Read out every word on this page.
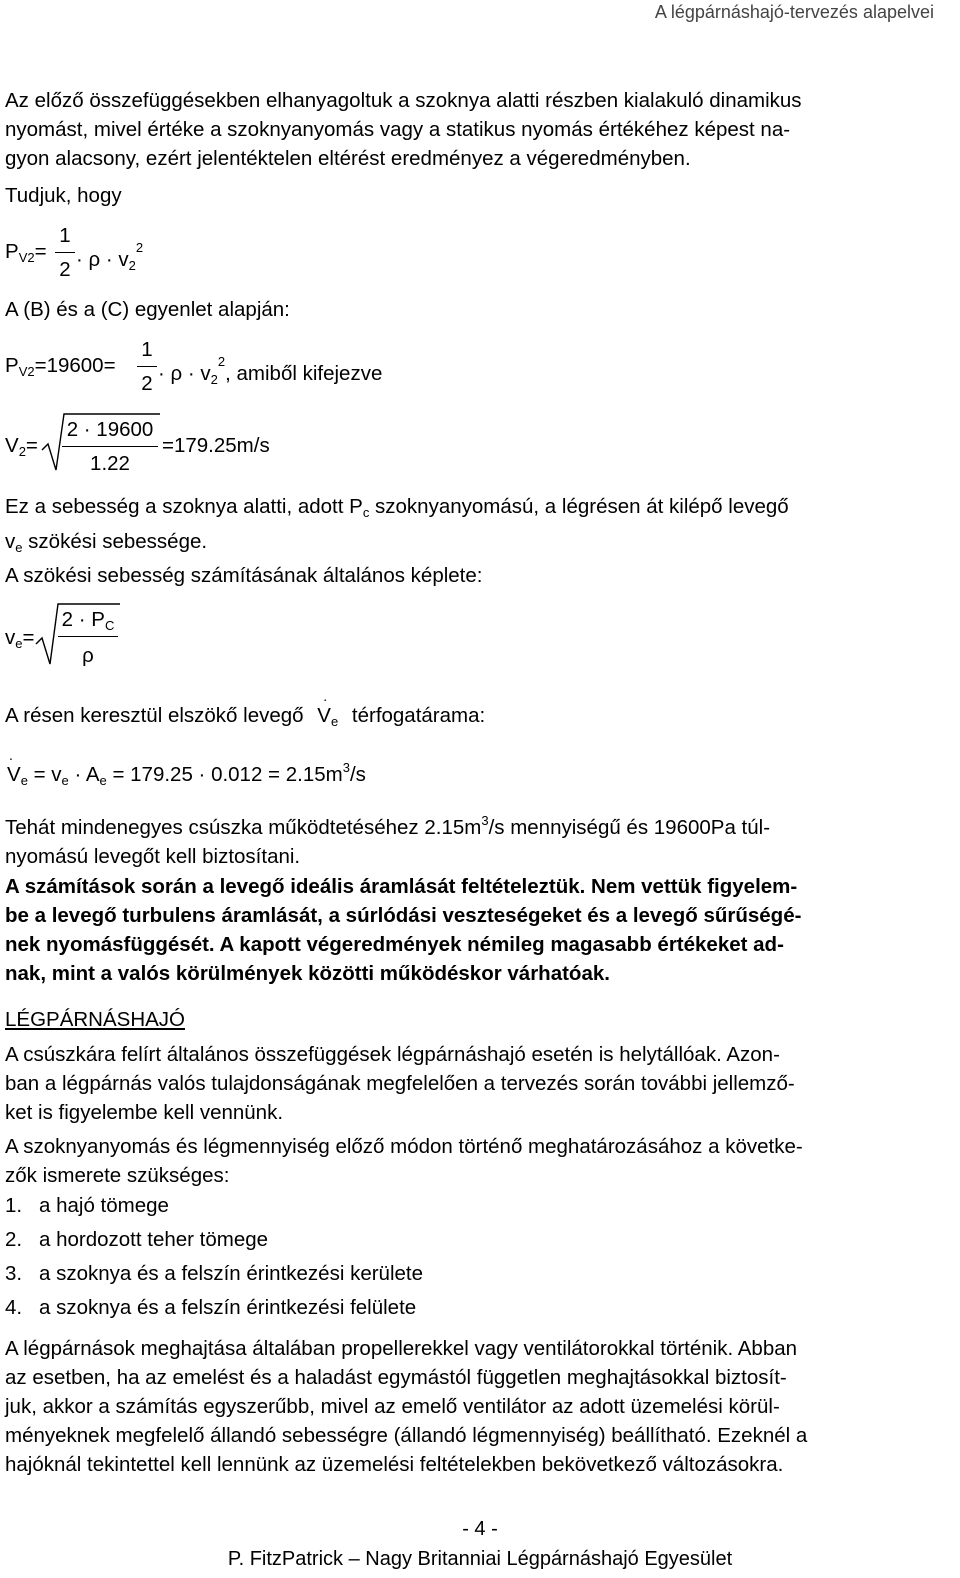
A légpárnáshajó-tervezés alapelvei
Az előző összefüggésekben elhanyagoltuk a szoknya alatti részben kialakuló dinamikus
nyomást, mivel értéke a szoknyanyomás vagy a statikus nyomás értékéhez képest na-
gyon alacsony, ezért jelentéktelen eltérést eredményez a végeredményben.
Tudjuk, hogy
$P_{V2}=$
1
$2 \cdot \rho \cdot v_2^2$
A (B) és a (C) egyenlet alapján:
$P_{V2}=19600=$
1
$2 \cdot \rho \cdot v_2^2$, amiből kifejezve
$V_2=$
2 · 19600
1.22
=179.25m/s
Ez a sebesség a szoknya alatti, adott $P_c$ szoknyanyomású, a légrésen át kilépő levegő
$v_e$ szökési sebessége.
A szökési sebesség számításának általános képlete:
$v_e=$
$2 \cdot P_C$
ρ
A résen keresztül elszökő levegő
.
$V_e$ térfogatárama:
.
$V_e = v_e \cdot A_e = 179.25 \cdot 0.012 = 2.15m^3/s$
Tehát mindenegyes csúszka működtetéséhez $2.15m^3/s$ mennyiségű és 19600Pa túl-
nyomású levegőt kell biztosítani.
A számítások során a levegő ideális áramlását feltételeztük. Nem vettük figyelem-
be a levegő turbulens áramlását, a súrlódási veszteségeket és a levegő sűrűségé-
nek nyomásfüggését. A kapott végeredmények némileg magasabb értékeket ad-
nak, mint a valós körülmények közötti működéskor várhatóak.
LÉGPÁRNÁSHAJÓ
A csúszkára felírt általános összefüggések légpárnáshajó esetén is helytállóak. Azon-
ban a légpárnás valós tulajdonságának megfelelően a tervezés során további jellemző-
ket is figyelembe kell vennünk.
A szoknyanyomás és légmennyiség előző módon történő meghatározásához a követke-
zők ismerete szükséges:
1. a hajó tömege
2. a hordozott teher tömege
3. a szoknya és a felszín érintkezési kerülete
4. a szoknya és a felszín érintkezési felülete
A légpárnások meghajtása általában propellerekkel vagy ventilátorokkal történik. Abban
az esetben, ha az emelést és a haladást egymástól független meghajtásokkal biztosít-
juk, akkor a számítás egyszerűbb, mivel az emelő ventilátor az adott üzemelési körül-
ményeknek megfelelő állandó sebességre (állandó légmennyiség) beállítható. Ezeknél a
hajóknál tekintettel kell lennünk az üzemelési feltételekben bekövetkező változásokra.
- 4 -
P. FitzPatrick – Nagy Britanniai Légpárnáshajó Egyesület
